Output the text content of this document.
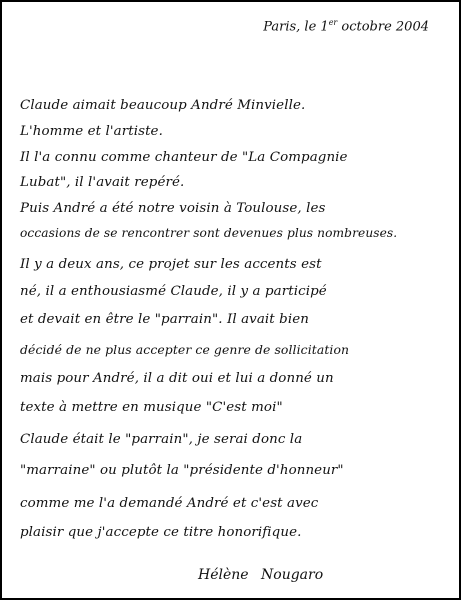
Paris, le 1er octobre 2004
Claude aimait beaucoup André Minvielle.
L'homme et l'artiste.
Il l'a connu comme chanteur de "La Compagnie
Lubat", il l'avait repéré.
Puis André a été notre voisin à Toulouse, les
occasions de se rencontrer sont devenues plus nombreuses.
Il y a deux ans, ce projet sur les accents est
né, il a enthousiasmé Claude, il y a participé
et devait en être le "parrain". Il avait bien
décidé de ne plus accepter ce genre de sollicitation
mais pour André, il a dit oui et lui a donné un
texte à mettre en musique "C'est moi"
Claude était le "parrain", je serai donc la
"marraine" ou plutôt la "présidente d'honneur"
comme me l'a demandé André et c'est avec
plaisir que j'accepte ce titre honorifique.
Hélène Nougaro
